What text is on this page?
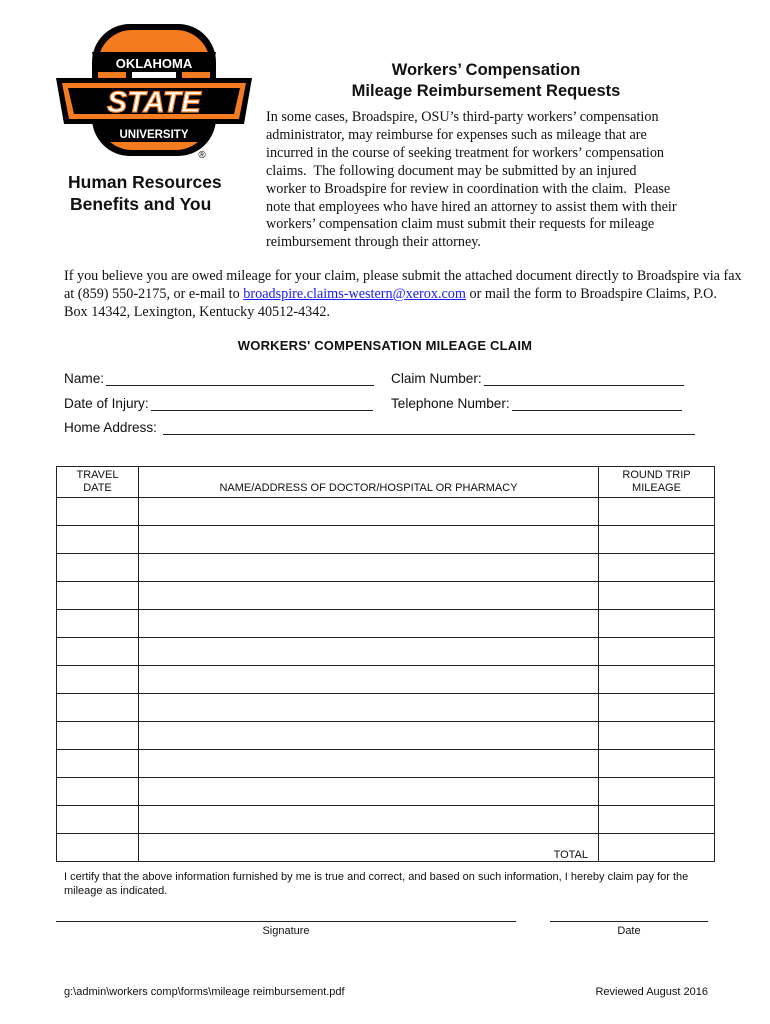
OKLAHOMA
STATE
UNIVERSITY
®
Human Resources
Benefits and You
Workers’ Compensation
Mileage Reimbursement Requests
In some cases, Broadspire, OSU’s third-party workers’ compensation
administrator, may reimburse for expenses such as mileage that are
incurred in the course of seeking treatment for workers’ compensation
claims.  The following document may be submitted by an injured
worker to Broadspire for review in coordination with the claim.  Please
note that employees who have hired an attorney to assist them with their
workers’ compensation claim must submit their requests for mileage
reimbursement through their attorney.
If you believe you are owed mileage for your claim, please submit the attached document directly to Broadspire via fax at (859) 550-2175, or e-mail to broadspire.claims-western@xerox.com or mail the form to Broadspire Claims, P.O. Box 14342, Lexington, Kentucky 40512-4342.
WORKERS' COMPENSATION MILEAGE CLAIM
Name:	Claim Number:
Date of Injury:	Telephone Number:
Home Address:
TRAVEL
DATE	NAME/ADDRESS OF DOCTOR/HOSPITAL OR PHARMACY	ROUND TRIP
MILEAGE

	TOTAL	
I certify that the above information furnished by me is true and correct, and based on such information, I hereby claim pay for the mileage as indicated.
Signature	Date
g:\admin\workers comp\forms\mileage reimbursement.pdf	Reviewed August 2016
